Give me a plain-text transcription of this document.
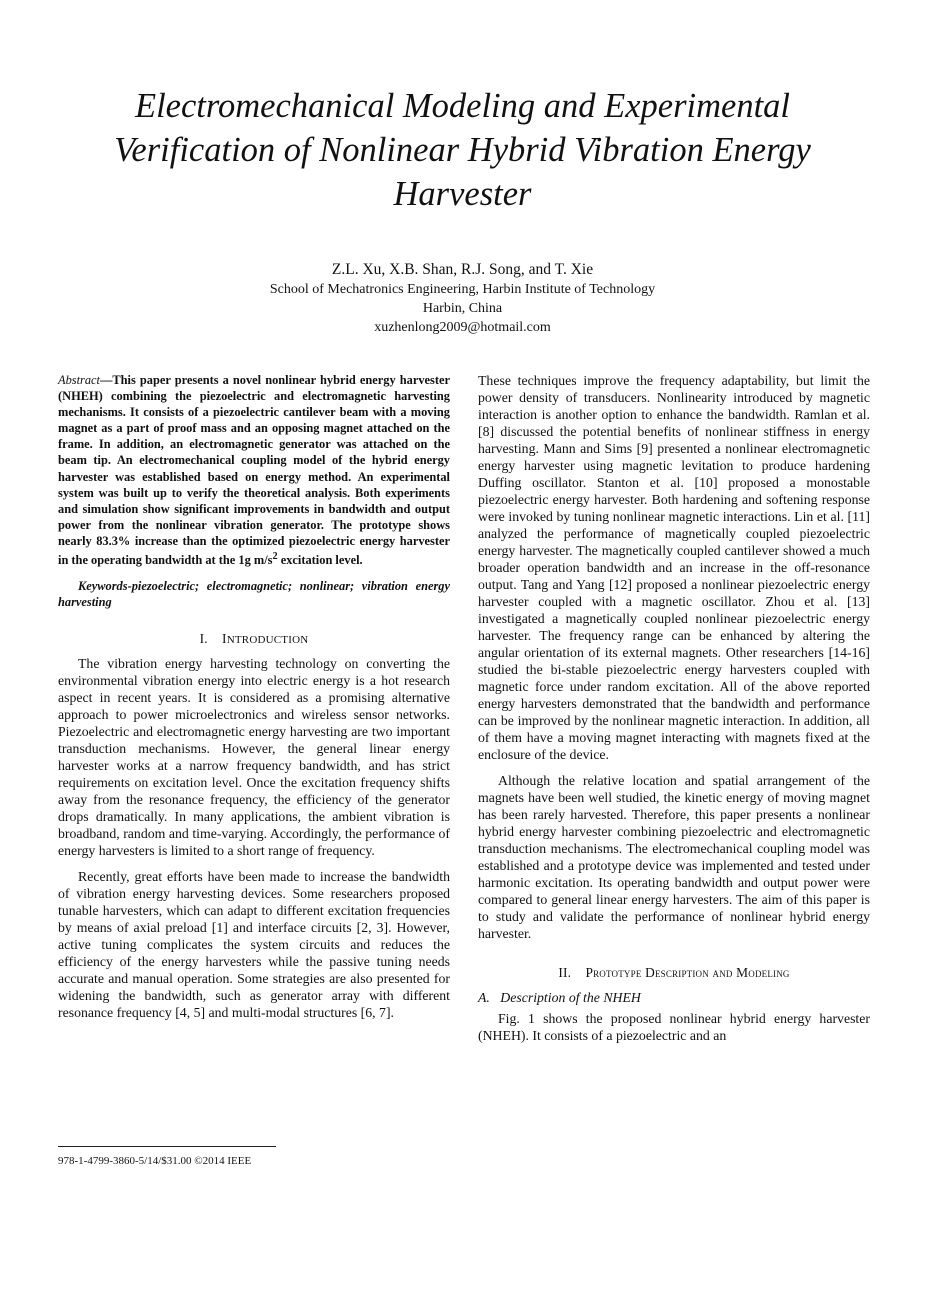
Electromechanical Modeling and Experimental Verification of Nonlinear Hybrid Vibration Energy Harvester
Z.L. Xu, X.B. Shan, R.J. Song, and T. Xie
School of Mechatronics Engineering, Harbin Institute of Technology
Harbin, China
xuzhenlong2009@hotmail.com

Abstract—This paper presents a novel nonlinear hybrid energy harvester (NHEH) combining the piezoelectric and electromagnetic harvesting mechanisms. It consists of a piezoelectric cantilever beam with a moving magnet as a part of proof mass and an opposing magnet attached on the frame. In addition, an electromagnetic generator was attached on the beam tip. An electromechanical coupling model of the hybrid energy harvester was established based on energy method. An experimental system was built up to verify the theoretical analysis. Both experiments and simulation show significant improvements in bandwidth and output power from the nonlinear vibration generator. The prototype shows nearly 83.3% increase than the optimized piezoelectric energy harvester in the operating bandwidth at the 1g $m/s^2$ excitation level.

Keywords-piezoelectric; electromagnetic; nonlinear; vibration energy harvesting

I. INTRODUCTION

The vibration energy harvesting technology on converting the environmental vibration energy into electric energy is a hot research aspect in recent years. It is considered as a promising alternative approach to power microelectronics and wireless sensor networks. Piezoelectric and electromagnetic energy harvesting are two important transduction mechanisms. However, the general linear energy harvester works at a narrow frequency bandwidth, and has strict requirements on excitation level. Once the excitation frequency shifts away from the resonance frequency, the efficiency of the generator drops dramatically. In many applications, the ambient vibration is broadband, random and time-varying. Accordingly, the performance of energy harvesters is limited to a short range of frequency.

Recently, great efforts have been made to increase the bandwidth of vibration energy harvesting devices. Some researchers proposed tunable harvesters, which can adapt to different excitation frequencies by means of axial preload [1] and interface circuits [2, 3]. However, active tuning complicates the system circuits and reduces the efficiency of the energy harvesters while the passive tuning needs accurate and manual operation. Some strategies are also presented for widening the bandwidth, such as generator array with different resonance frequency [4, 5] and multi-modal structures [6, 7].

These techniques improve the frequency adaptability, but limit the power density of transducers. Nonlinearity introduced by magnetic interaction is another option to enhance the bandwidth. Ramlan et al. [8] discussed the potential benefits of nonlinear stiffness in energy harvesting. Mann and Sims [9] presented a nonlinear electromagnetic energy harvester using magnetic levitation to produce hardening Duffing oscillator. Stanton et al. [10] proposed a monostable piezoelectric energy harvester. Both hardening and softening response were invoked by tuning nonlinear magnetic interactions. Lin et al. [11] analyzed the performance of magnetically coupled piezoelectric energy harvester. The magnetically coupled cantilever showed a much broader operation bandwidth and an increase in the off-resonance output. Tang and Yang [12] proposed a nonlinear piezoelectric energy harvester coupled with a magnetic oscillator. Zhou et al. [13] investigated a magnetically coupled nonlinear piezoelectric energy harvester. The frequency range can be enhanced by altering the angular orientation of its external magnets. Other researchers [14-16] studied the bi-stable piezoelectric energy harvesters coupled with magnetic force under random excitation. All of the above reported energy harvesters demonstrated that the bandwidth and performance can be improved by the nonlinear magnetic interaction. In addition, all of them have a moving magnet interacting with magnets fixed at the enclosure of the device.

Although the relative location and spatial arrangement of the magnets have been well studied, the kinetic energy of moving magnet has been rarely harvested. Therefore, this paper presents a nonlinear hybrid energy harvester combining piezoelectric and electromagnetic transduction mechanisms. The electromechanical coupling model was established and a prototype device was implemented and tested under harmonic excitation. Its operating bandwidth and output power were compared to general linear energy harvesters. The aim of this paper is to study and validate the performance of nonlinear hybrid energy harvester.

II. Prototype Description and Modeling
A. Description of the NHEH

Fig. 1 shows the proposed nonlinear hybrid energy harvester (NHEH). It consists of a piezoelectric and an

978-1-4799-3860-5/14/$31.00 ©2014 IEEE
